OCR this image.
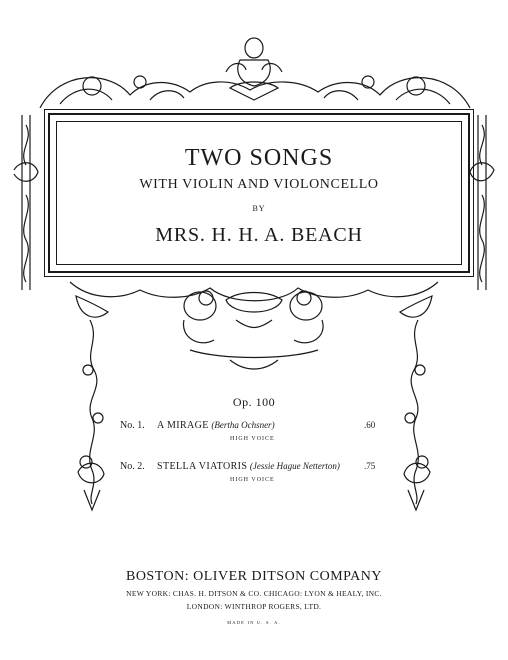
TWO SONGS
WITH VIOLIN AND VIOLONCELLO
BY
MRS. H. H. A. BEACH
Op. 100
No. 1. A MIRAGE (Bertha Ochsner)	.60
HIGH VOICE
No. 2. STELLA VIATORIS (Jessie Hague Netterton)	.75
HIGH VOICE
BOSTON: OLIVER DITSON COMPANY
NEW YORK: CHAS. H. DITSON & CO. CHICAGO: LYON & HEALY, INC.
LONDON: WINTHROP ROGERS, LTD.
MADE IN U. S. A.
